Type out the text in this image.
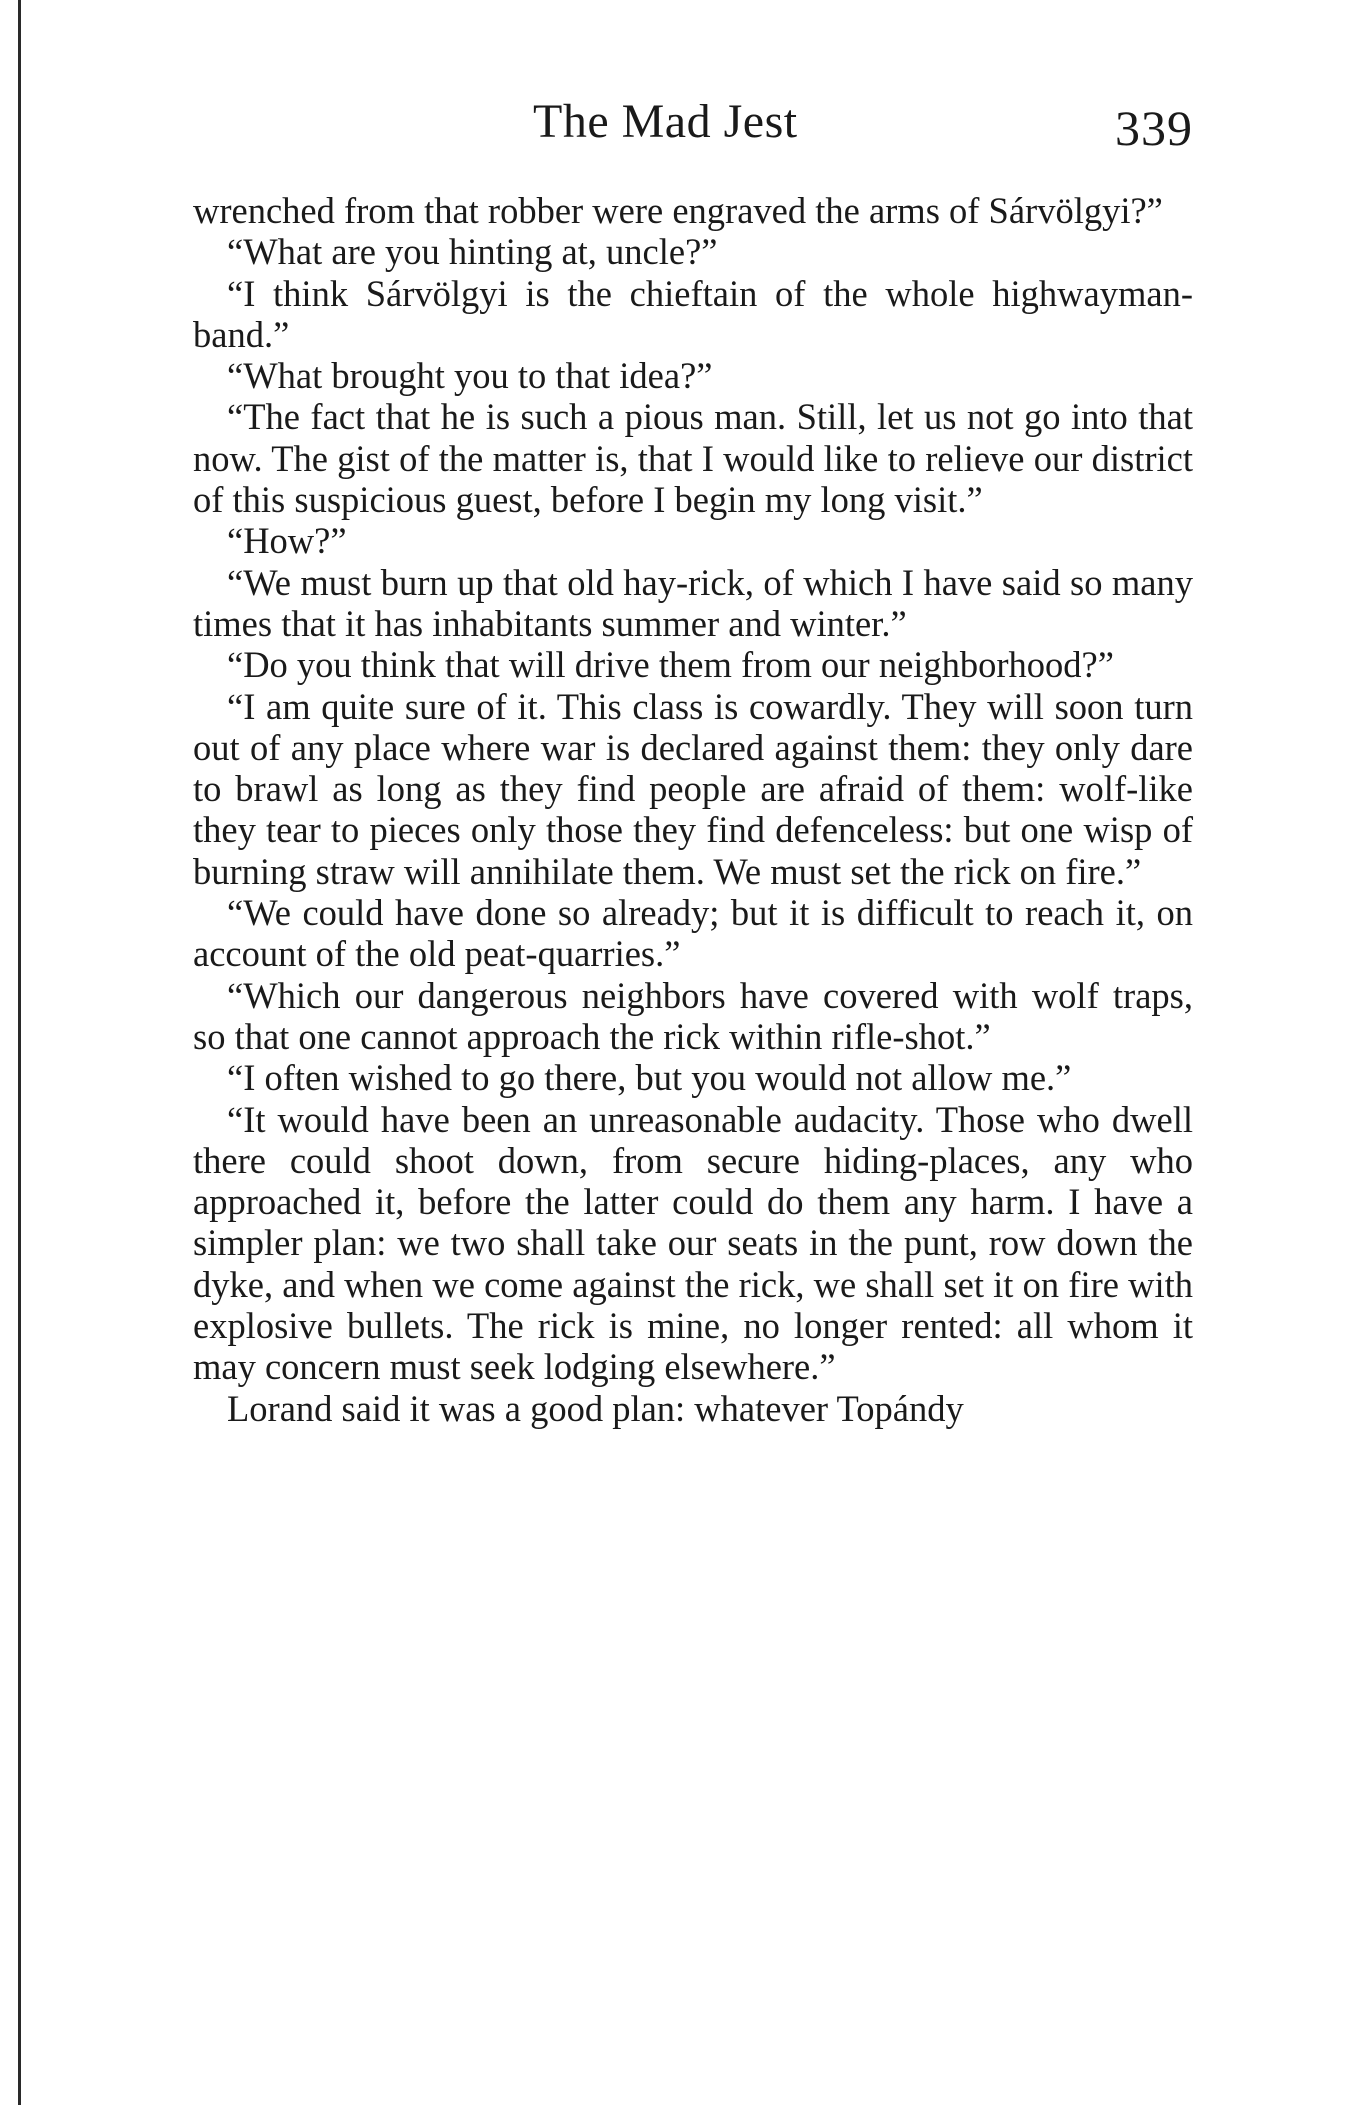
The Mad Jest	339

wrenched from that robber were engraved the arms of Sárvölgyi?”

“What are you hinting at, uncle?”

“I think Sárvölgyi is the chieftain of the whole highwayman-band.”

“What brought you to that idea?”

“The fact that he is such a pious man. Still, let us not go into that now. The gist of the matter is, that I would like to relieve our district of this suspicious guest, before I begin my long visit.”

“How?”

“We must burn up that old hay-rick, of which I have said so many times that it has inhabitants summer and winter.”

“Do you think that will drive them from our neighborhood?”

“I am quite sure of it. This class is cowardly. They will soon turn out of any place where war is declared against them: they only dare to brawl as long as they find people are afraid of them: wolf-like they tear to pieces only those they find defenceless: but one wisp of burning straw will annihilate them. We must set the rick on fire.”

“We could have done so already; but it is difficult to reach it, on account of the old peat-quarries.”

“Which our dangerous neighbors have covered with wolf traps, so that one cannot approach the rick within rifle-shot.”

“I often wished to go there, but you would not allow me.”

“It would have been an unreasonable audacity. Those who dwell there could shoot down, from secure hiding-places, any who approached it, before the latter could do them any harm. I have a simpler plan: we two shall take our seats in the punt, row down the dyke, and when we come against the rick, we shall set it on fire with explosive bullets. The rick is mine, no longer rented: all whom it may concern must seek lodging elsewhere.”

Lorand said it was a good plan: whatever Topándy
